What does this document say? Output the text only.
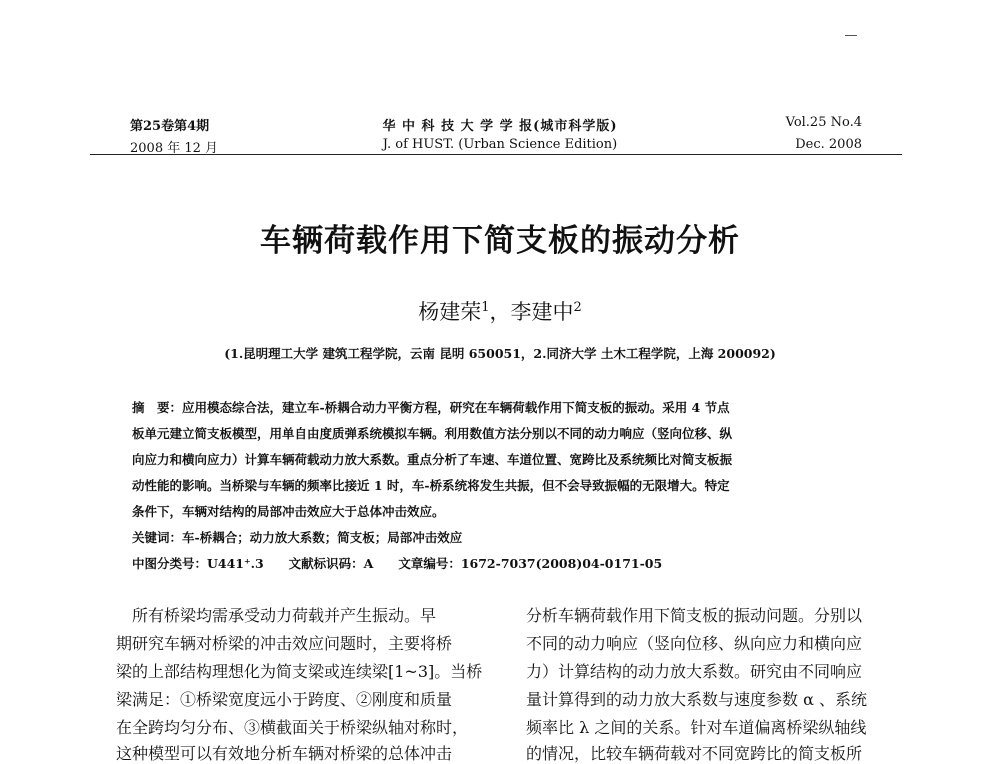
第25卷第4期
2008 年 12 月
华 中 科 技 大 学 学 报(城市科学版)
J. of HUST. (Urban Science Edition)
Vol.25 No.4
Dec. 2008
车辆荷载作用下简支板的振动分析
杨建荣$^1$，李建中$^2$
(1.昆明理工大学 建筑工程学院，云南 昆明 650051，2.同济大学 土木工程学院，上海 200092)
摘　要：应用模态综合法，建立车-桥耦合动力平衡方程，研究在车辆荷载作用下简支板的振动。采用 4 节点
板单元建立简支板模型，用单自由度质弹系统模拟车辆。利用数值方法分别以不同的动力响应（竖向位移、纵
向应力和横向应力）计算车辆荷载动力放大系数。重点分析了车速、车道位置、宽跨比及系统频比对简支板振
动性能的影响。当桥梁与车辆的频率比接近 1 时，车-桥系统将发生共振，但不会导致振幅的无限增大。特定
条件下，车辆对结构的局部冲击效应大于总体冲击效应。
关键词：车-桥耦合；动力放大系数；简支板；局部冲击效应
中图分类号：U441⁺.3　　文献标识码：A　　文章编号：1672-7037(2008)04-0171-05
　所有桥梁均需承受动力荷载并产生振动。早
期研究车辆对桥梁的冲击效应问题时，主要将桥
梁的上部结构理想化为简支梁或连续梁[1~3]。当桥
梁满足：①桥梁宽度远小于跨度、②刚度和质量
在全跨均匀分布、③横截面关于桥梁纵轴对称时，
这种模型可以有效地分析车辆对桥梁的总体冲击
分析车辆荷载作用下简支板的振动问题。分别以
不同的动力响应（竖向位移、纵向应力和横向应
力）计算结构的动力放大系数。研究由不同响应
量计算得到的动力放大系数与速度参数 α 、系统
频率比 λ 之间的关系。针对车道偏离桥梁纵轴线
的情况，比较车辆荷载对不同宽跨比的简支板所
